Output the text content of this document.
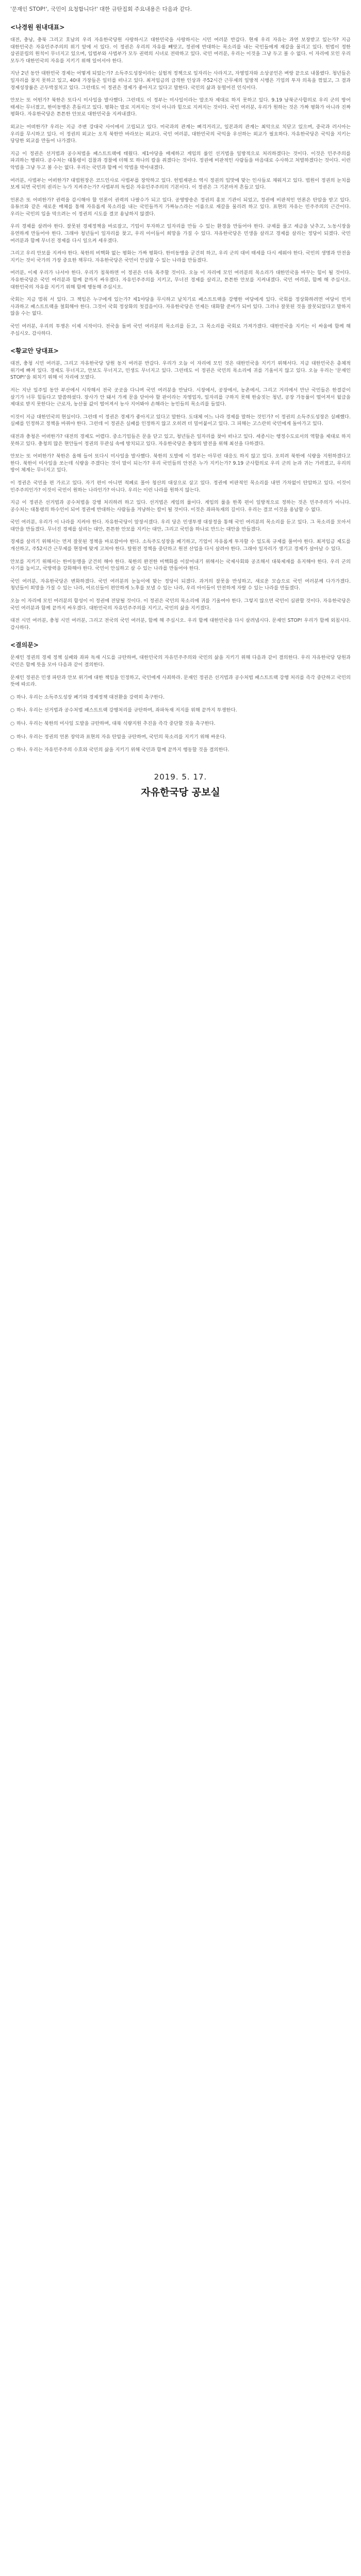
'문재인 STOP!', 국민이 요청합니다!' 대한 규탄집회 주요내용은 다음과 같다.
<나경원 원내대표>
대전, 충남, 충북 그리고 호남의 우리 자유한국당원 사랑하시고 대한민국을 사랑하시는 시민 여러분 반갑다. 현재 우리 자유는 과연 보장받고 있는가? 지금 대한민국은 자유민주주의의 위기 앞에 서 있다. 이 정권은 우리의 자유를 빼앗고, 정권에 반대하는 목소리를 내는 국민들에게 재갈을 물리고 있다. 헌법이 정한 삼권분립의 원칙이 무너지고 있으며, 입법부와 사법부가 모두 권력의 시녀로 전락하고 있다. 국민 여러분, 우리는 이것을 그냥 두고 볼 수 없다. 이 자리에 모인 우리 모두가 대한민국의 자유를 지키기 위해 일어서야 한다.
지난 2년 동안 대한민국 경제는 어떻게 되었는가? 소득주도성장이라는 실험적 정책으로 일자리는 사라지고, 자영업자와 소상공인은 벼랑 끝으로 내몰렸다. 청년들은 일자리를 찾지 못하고 있고, 40대 가장들은 일터를 떠나고 있다. 최저임금의 급격한 인상과 주52시간 근무제의 일방적 시행은 기업의 투자 의욕을 꺾었고, 그 결과 경제성장률은 곤두박질치고 있다. 그런데도 이 정권은 경제가 좋아지고 있다고 말한다. 국민의 삶과 동떨어진 인식이다.
안보는 또 어떤가? 북한은 또다시 미사일을 발사했다. 그런데도 이 정부는 미사일이라는 말조차 제대로 하지 못하고 있다. 9.19 남북군사합의로 우리 군의 방어 태세는 무너졌고, 한미동맹은 흔들리고 있다. 평화는 말로 지켜지는 것이 아니라 힘으로 지켜지는 것이다. 국민 여러분, 우리가 원하는 것은 가짜 평화가 아니라 진짜 평화다. 자유한국당은 튼튼한 안보로 대한민국을 지켜내겠다.
외교는 어떠한가? 우리는 지금 주변 강대국 사이에서 고립되고 있다. 미국과의 관계는 삐걱거리고, 일본과의 관계는 최악으로 치닫고 있으며, 중국과 러시아는 우리를 무시하고 있다. 이 정권의 외교는 오직 북한만 바라보는 외교다. 국민 여러분, 대한민국의 국익을 우선하는 외교가 필요하다. 자유한국당은 국익을 지키는 당당한 외교를 만들어 나가겠다.
지금 이 정권은 선거법과 공수처법을 패스트트랙에 태웠다. 제1야당을 배제하고 게임의 룰인 선거법을 일방적으로 처리하겠다는 것이다. 이것은 민주주의를 파괴하는 행위다. 공수처는 대통령이 검찰과 경찰에 더해 또 하나의 칼을 쥐겠다는 것이다. 정권에 비판적인 사람들을 마음대로 수사하고 처벌하겠다는 것이다. 이런 악법을 그냥 두고 볼 수는 없다. 우리는 국민과 함께 이 악법을 막아내겠다.
여러분, 사법부는 어떠한가? 대법원장은 코드인사로 사법부를 장악하고 있다. 헌법재판소 역시 정권의 입맛에 맞는 인사들로 채워지고 있다. 법원이 정권의 눈치를 보게 되면 국민의 권리는 누가 지켜주는가? 사법부의 독립은 자유민주주의의 기본이다. 이 정권은 그 기본마저 흔들고 있다.
언론은 또 어떠한가? 권력을 감시해야 할 언론이 권력의 나팔수가 되고 있다. 공영방송은 정권의 홍보 기관이 되었고, 정권에 비판적인 언론은 탄압을 받고 있다. 유튜브와 같은 새로운 매체를 통해 자유롭게 목소리를 내는 국민들까지 가짜뉴스라는 이름으로 재갈을 물리려 하고 있다. 표현의 자유는 민주주의의 근간이다. 우리는 국민의 입을 막으려는 이 정권의 시도를 결코 용납하지 않겠다.
우리 경제를 살려야 한다. 잘못된 경제정책을 바로잡고, 기업이 투자하고 일자리를 만들 수 있는 환경을 만들어야 한다. 규제를 풀고 세금을 낮추고, 노동시장을 유연하게 만들어야 한다. 그래야 청년들이 일자리를 찾고, 우리 아이들이 희망을 가질 수 있다. 자유한국당은 민생을 살리고 경제를 살리는 정당이 되겠다. 국민 여러분과 함께 무너진 경제를 다시 일으켜 세우겠다.
그리고 우리 안보를 지켜야 한다. 북한의 비핵화 없는 평화는 가짜 평화다. 한미동맹을 굳건히 하고, 우리 군의 대비 태세를 다시 세워야 한다. 국민의 생명과 안전을 지키는 것이 국가의 가장 중요한 책무다. 자유한국당은 국민이 안심할 수 있는 나라를 만들겠다.
여러분, 이제 우리가 나서야 한다. 우리가 침묵하면 이 정권은 더욱 폭주할 것이다. 오늘 이 자리에 모인 여러분의 목소리가 대한민국을 바꾸는 힘이 될 것이다. 자유한국당은 국민 여러분과 함께 끝까지 싸우겠다. 자유민주주의를 지키고, 무너진 경제를 살리고, 튼튼한 안보를 지켜내겠다. 국민 여러분, 함께 해 주십시오. 대한민국의 자유를 지키기 위해 함께 행동해 주십시오.
국회는 지금 멈춰 서 있다. 그 책임은 누구에게 있는가? 제1야당을 무시하고 날치기로 패스트트랙을 강행한 여당에게 있다. 국회를 정상화하려면 여당이 먼저 사과하고 패스트트랙을 철회해야 한다. 그것이 국회 정상화의 첫걸음이다. 자유한국당은 언제든 대화할 준비가 되어 있다. 그러나 잘못된 것을 잘못되었다고 말하지 않을 수는 없다.
국민 여러분, 우리의 투쟁은 이제 시작이다. 전국을 돌며 국민 여러분의 목소리를 듣고, 그 목소리를 국회로 가져가겠다. 대한민국을 지키는 이 싸움에 함께 해 주십시오. 감사하다.
<황교안 당대표>
대전, 충청 시민 여러분, 그리고 자유한국당 당원 동지 여러분 반갑다. 우리가 오늘 이 자리에 모인 것은 대한민국을 지키기 위해서다. 지금 대한민국은 총체적 위기에 빠져 있다. 경제도 무너지고, 안보도 무너지고, 민생도 무너지고 있다. 그런데도 이 정권은 국민의 목소리에 귀를 기울이지 않고 있다. 오늘 우리는 '문재인 STOP!'을 외치기 위해 이 자리에 모였다.
저는 지난 일주일 동안 부산에서 시작해서 전국 곳곳을 다니며 국민 여러분을 만났다. 시장에서, 공장에서, 농촌에서, 그리고 거리에서 만난 국민들은 한결같이 살기가 너무 힘들다고 말씀하셨다. 장사가 안 돼서 가게 문을 닫아야 할 판이라는 자영업자, 일자리를 구하지 못해 한숨짓는 청년, 공장 가동률이 떨어져서 월급을 제대로 받지 못한다는 근로자, 농산물 값이 떨어져서 농사 지어봐야 손해라는 농민들의 목소리를 들었다.
이것이 지금 대한민국의 현실이다. 그런데 이 정권은 경제가 좋아지고 있다고 말한다. 도대체 어느 나라 경제를 말하는 것인가? 이 정권의 소득주도성장은 실패했다. 실패를 인정하고 정책을 바꿔야 한다. 그런데 이 정권은 실패를 인정하지 않고 오히려 더 밀어붙이고 있다. 그 피해는 고스란히 국민에게 돌아가고 있다.
대전과 충청은 어떠한가? 대전의 경제도 어렵다. 중소기업들은 문을 닫고 있고, 청년들은 일자리를 찾아 떠나고 있다. 세종시는 행정수도로서의 역할을 제대로 하지 못하고 있다. 충청의 많은 현안들이 정권의 무관심 속에 방치되고 있다. 자유한국당은 충청의 발전을 위해 최선을 다하겠다.
안보는 또 어떠한가? 북한은 올해 들어 또다시 미사일을 발사했다. 북한의 도발에 이 정부는 아무런 대응도 하지 않고 있다. 오히려 북한에 식량을 지원하겠다고 한다. 북한이 미사일을 쏘는데 식량을 주겠다는 것이 말이 되는가? 우리 국민들의 안전은 누가 지키는가? 9.19 군사합의로 우리 군의 눈과 귀는 가려졌고, 우리의 방어 체계는 무너지고 있다.
이 정권은 국민을 편 가르고 있다. 자기 편이 아니면 적폐로 몰아 청산의 대상으로 삼고 있다. 정권에 비판적인 목소리를 내면 가차없이 탄압하고 있다. 이것이 민주주의인가? 이것이 국민이 원하는 나라인가? 아니다. 우리는 이런 나라를 원하지 않는다.
지금 이 정권은 선거법과 공수처법을 강행 처리하려 하고 있다. 선거법은 게임의 룰이다. 게임의 룰을 한쪽 편이 일방적으로 정하는 것은 민주주의가 아니다. 공수처는 대통령의 하수인이 되어 정권에 반대하는 사람들을 겨냥하는 칼이 될 것이다. 이것은 좌파독재의 길이다. 우리는 결코 이것을 용납할 수 없다.
국민 여러분, 우리가 이 나라를 지켜야 한다. 자유한국당이 앞장서겠다. 우리 당은 민생투쟁 대장정을 통해 국민 여러분의 목소리를 듣고 있다. 그 목소리를 모아서 대안을 만들겠다. 무너진 경제를 살리는 대안, 튼튼한 안보를 지키는 대안, 그리고 국민을 하나로 만드는 대안을 만들겠다.
경제를 살리기 위해서는 먼저 잘못된 정책을 바로잡아야 한다. 소득주도성장을 폐기하고, 기업이 자유롭게 투자할 수 있도록 규제를 풀어야 한다. 최저임금 제도를 개선하고, 주52시간 근무제를 현장에 맞게 고쳐야 한다. 탈원전 정책을 중단하고 원전 산업을 다시 살려야 한다. 그래야 일자리가 생기고 경제가 살아날 수 있다.
안보를 지키기 위해서는 한미동맹을 굳건히 해야 한다. 북한의 완전한 비핵화를 이끌어내기 위해서는 국제사회와 공조해서 대북제재를 유지해야 한다. 우리 군의 사기를 높이고, 국방력을 강화해야 한다. 국민이 안심하고 살 수 있는 나라를 만들어야 한다.
국민 여러분, 자유한국당은 변화하겠다. 국민 여러분의 눈높이에 맞는 정당이 되겠다. 과거의 잘못을 반성하고, 새로운 모습으로 국민 여러분께 다가가겠다. 청년들이 희망을 가질 수 있는 나라, 어르신들이 편안하게 노후를 보낼 수 있는 나라, 우리 아이들이 안전하게 자랄 수 있는 나라를 만들겠다.
오늘 이 자리에 모인 여러분의 함성이 이 정권에 전달될 것이다. 이 정권은 국민의 목소리에 귀를 기울여야 한다. 그렇지 않으면 국민이 심판할 것이다. 자유한국당은 국민 여러분과 함께 끝까지 싸우겠다. 대한민국의 자유민주주의를 지키고, 국민의 삶을 지키겠다.
대전 시민 여러분, 충청 시민 여러분, 그리고 전국의 국민 여러분, 함께 해 주십시오. 우리 함께 대한민국을 다시 살려냅시다. 문재인 STOP! 우리가 함께 외칩시다. 감사하다.
<결의문>
문재인 정권의 경제 정책 실패와 좌파 독재 시도를 규탄하며, 대한민국의 자유민주주의와 국민의 삶을 지키기 위해 다음과 같이 결의한다. 우리 자유한국당 당원과 국민은 함께 뜻을 모아 다음과 같이 결의한다.
문재인 정권은 민생 파탄과 안보 위기에 대한 책임을 인정하고, 국민에게 사죄하라. 문재인 정권은 선거법과 공수처법 패스트트랙 강행 처리를 즉각 중단하고 국민의 뜻에 따르라.
○ 하나. 우리는 소득주도성장 폐기와 경제정책 대전환을 강력히 촉구한다.
○ 하나. 우리는 선거법과 공수처법 패스트트랙 강행처리를 규탄하며, 좌파독재 저지를 위해 끝까지 투쟁한다.
○ 하나. 우리는 북한의 미사일 도발을 규탄하며, 대북 식량지원 추진을 즉각 중단할 것을 촉구한다.
○ 하나. 우리는 정권의 언론 장악과 표현의 자유 탄압을 규탄하며, 국민의 목소리를 지키기 위해 싸운다.
○ 하나. 우리는 자유민주주의 수호와 국민의 삶을 지키기 위해 국민과 함께 끝까지 행동할 것을 결의한다.
2019. 5. 17.
자유한국당 공보실
